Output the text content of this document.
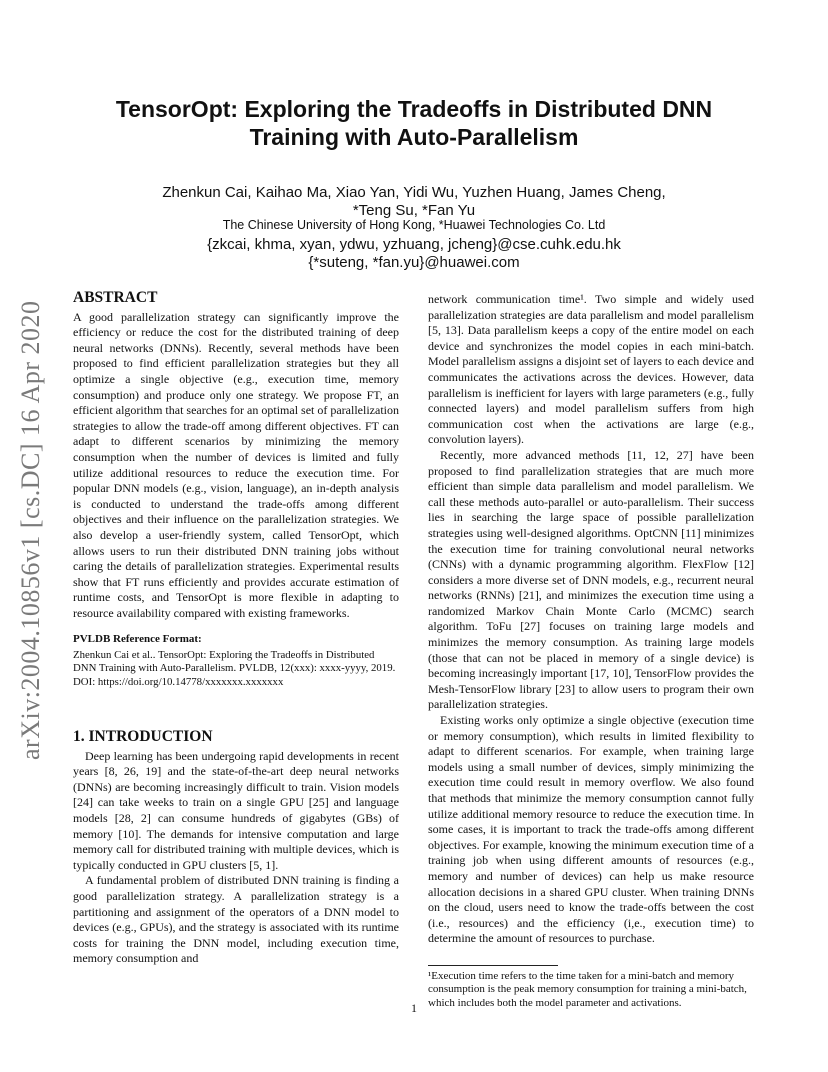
arXiv:2004.10856v1 [cs.DC] 16 Apr 2020
TensorOpt: Exploring the Tradeoffs in Distributed DNN
Training with Auto-Parallelism
Zhenkun Cai, Kaihao Ma, Xiao Yan, Yidi Wu, Yuzhen Huang, James Cheng,
*Teng Su, *Fan Yu
The Chinese University of Hong Kong, *Huawei Technologies Co. Ltd
{zkcai, khma, xyan, ydwu, yzhuang, jcheng}@cse.cuhk.edu.hk
{*suteng, *fan.yu}@huawei.com
ABSTRACT

A good parallelization strategy can significantly improve the efficiency or reduce the cost for the distributed training of deep neural networks (DNNs). Recently, several methods have been proposed to find efficient parallelization strategies but they all optimize a single objective (e.g., execution time, memory consumption) and produce only one strategy. We propose FT, an efficient algorithm that searches for an optimal set of parallelization strategies to allow the trade-off among different objectives. FT can adapt to different scenarios by minimizing the memory consumption when the number of devices is limited and fully utilize additional resources to reduce the execution time. For popular DNN models (e.g., vision, language), an in-depth analysis is conducted to understand the trade-offs among different objectives and their influence on the parallelization strategies. We also develop a user-friendly system, called TensorOpt, which allows users to run their distributed DNN training jobs without caring the details of parallelization strategies. Experimental results show that FT runs efficiently and provides accurate estimation of runtime costs, and TensorOpt is more flexible in adapting to resource availability compared with existing frameworks.

PVLDB Reference Format:
Zhenkun Cai et al.. TensorOpt: Exploring the Tradeoffs in Distributed DNN Training with Auto-Parallelism. PVLDB, 12(xxx): xxxx-yyyy, 2019.
DOI: https://doi.org/10.14778/xxxxxxx.xxxxxxx
1. INTRODUCTION

Deep learning has been undergoing rapid developments in recent years [8, 26, 19] and the state-of-the-art deep neural networks (DNNs) are becoming increasingly difficult to train. Vision models [24] can take weeks to train on a single GPU [25] and language models [28, 2] can consume hundreds of gigabytes (GBs) of memory [10]. The demands for intensive computation and large memory call for distributed training with multiple devices, which is typically conducted in GPU clusters [5, 1].

A fundamental problem of distributed DNN training is finding a good parallelization strategy. A parallelization strategy is a partitioning and assignment of the operators of a DNN model to devices (e.g., GPUs), and the strategy is associated with its runtime costs for training the DNN model, including execution time, memory consumption and

network communication time¹. Two simple and widely used parallelization strategies are data parallelism and model parallelism [5, 13]. Data parallelism keeps a copy of the entire model on each device and synchronizes the model copies in each mini-batch. Model parallelism assigns a disjoint set of layers to each device and communicates the activations across the devices. However, data parallelism is inefficient for layers with large parameters (e.g., fully connected layers) and model parallelism suffers from high communication cost when the activations are large (e.g., convolution layers).

Recently, more advanced methods [11, 12, 27] have been proposed to find parallelization strategies that are much more efficient than simple data parallelism and model parallelism. We call these methods auto-parallel or auto-parallelism. Their success lies in searching the large space of possible parallelization strategies using well-designed algorithms. OptCNN [11] minimizes the execution time for training convolutional neural networks (CNNs) with a dynamic programming algorithm. FlexFlow [12] considers a more diverse set of DNN models, e.g., recurrent neural networks (RNNs) [21], and minimizes the execution time using a randomized Markov Chain Monte Carlo (MCMC) search algorithm. ToFu [27] focuses on training large models and minimizes the memory consumption. As training large models (those that can not be placed in memory of a single device) is becoming increasingly important [17, 10], TensorFlow provides the Mesh-TensorFlow library [23] to allow users to program their own parallelization strategies.

Existing works only optimize a single objective (execution time or memory consumption), which results in limited flexibility to adapt to different scenarios. For example, when training large models using a small number of devices, simply minimizing the execution time could result in memory overflow. We also found that methods that minimize the memory consumption cannot fully utilize additional memory resource to reduce the execution time. In some cases, it is important to track the trade-offs among different objectives. For example, knowing the minimum execution time of a training job when using different amounts of resources (e.g., memory and number of devices) can help us make resource allocation decisions in a shared GPU cluster. When training DNNs on the cloud, users need to know the trade-offs between the cost (i.e., resources) and the efficiency (i,e., execution time) to determine the amount of resources to purchase.

¹Execution time refers to the time taken for a mini-batch and memory consumption is the peak memory consumption for training a mini-batch, which includes both the model parameter and activations.
1
